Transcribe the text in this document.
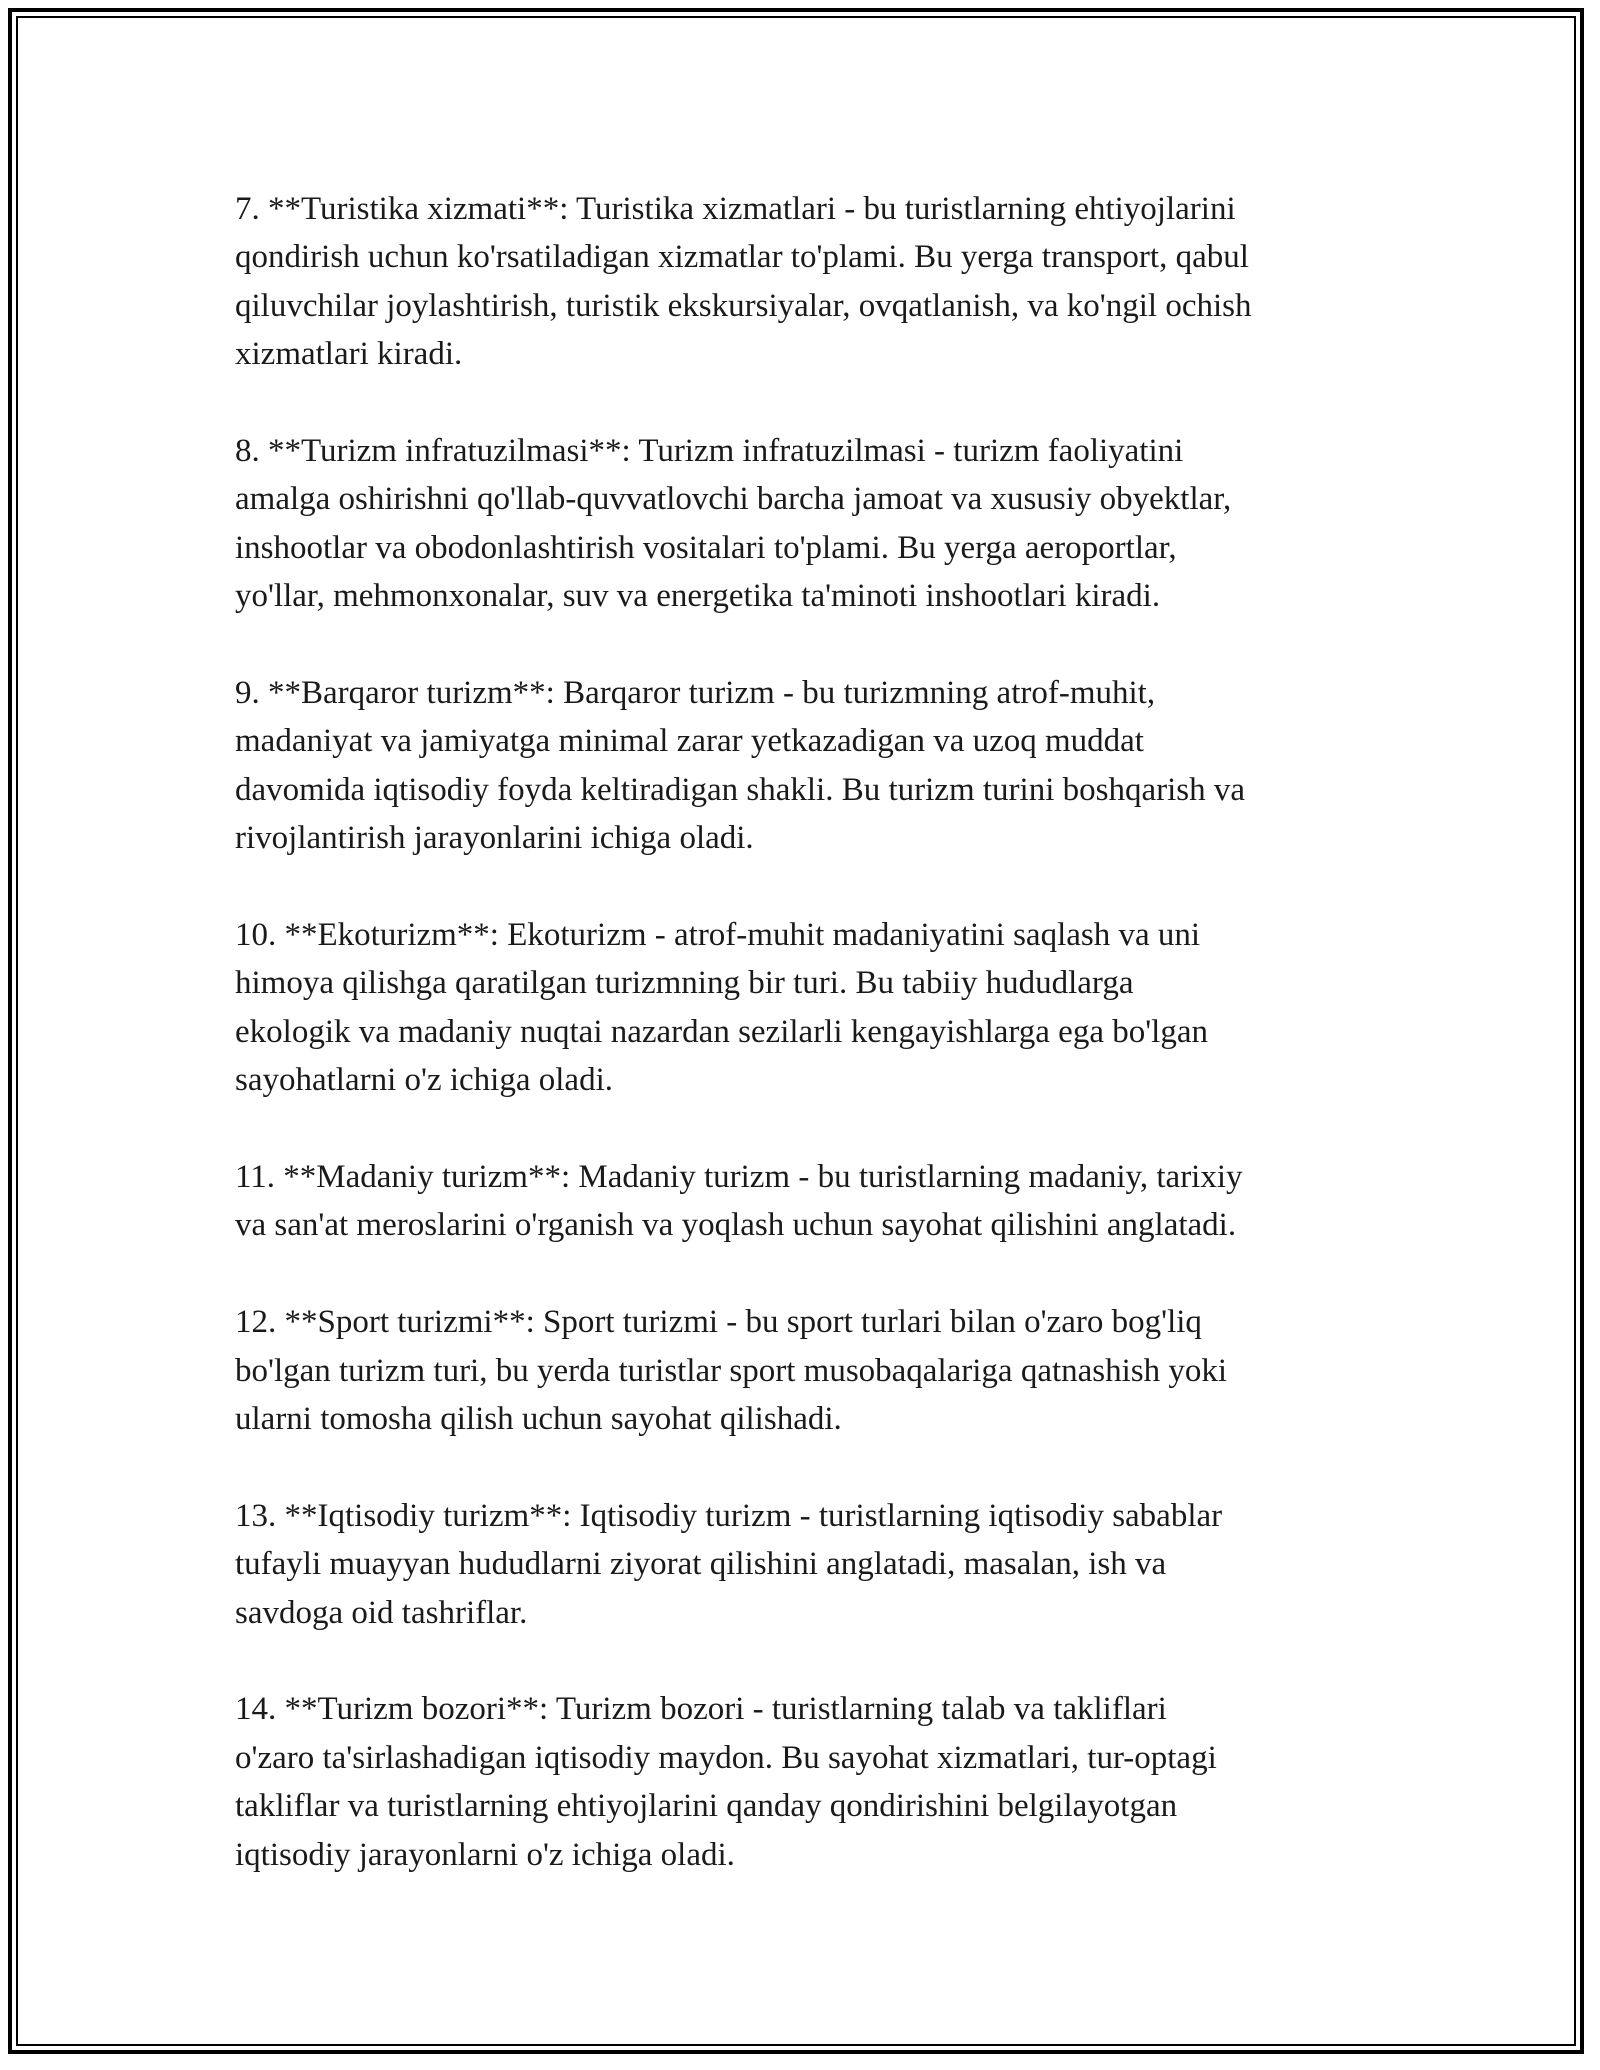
7. **Turistika xizmati**: Turistika xizmatlari - bu turistlarning ehtiyojlarini
qondirish uchun ko'rsatiladigan xizmatlar to'plami. Bu yerga transport, qabul
qiluvchilar joylashtirish, turistik ekskursiyalar, ovqatlanish, va ko'ngil ochish
xizmatlari kiradi.

8. **Turizm infratuzilmasi**: Turizm infratuzilmasi - turizm faoliyatini
amalga oshirishni qo'llab-quvvatlovchi barcha jamoat va xususiy obyektlar,
inshootlar va obodonlashtirish vositalari to'plami. Bu yerga aeroportlar,
yo'llar, mehmonxonalar, suv va energetika ta'minoti inshootlari kiradi.

9. **Barqaror turizm**: Barqaror turizm - bu turizmning atrof-muhit,
madaniyat va jamiyatga minimal zarar yetkazadigan va uzoq muddat
davomida iqtisodiy foyda keltiradigan shakli. Bu turizm turini boshqarish va
rivojlantirish jarayonlarini ichiga oladi.

10. **Ekoturizm**: Ekoturizm - atrof-muhit madaniyatini saqlash va uni
himoya qilishga qaratilgan turizmning bir turi. Bu tabiiy hududlarga
ekologik va madaniy nuqtai nazardan sezilarli kengayishlarga ega bo'lgan
sayohatlarni o'z ichiga oladi.

11. **Madaniy turizm**: Madaniy turizm - bu turistlarning madaniy, tarixiy
va san'at meroslarini o'rganish va yoqlash uchun sayohat qilishini anglatadi.

12. **Sport turizmi**: Sport turizmi - bu sport turlari bilan o'zaro bog'liq
bo'lgan turizm turi, bu yerda turistlar sport musobaqalariga qatnashish yoki
ularni tomosha qilish uchun sayohat qilishadi.

13. **Iqtisodiy turizm**: Iqtisodiy turizm - turistlarning iqtisodiy sabablar
tufayli muayyan hududlarni ziyorat qilishini anglatadi, masalan, ish va
savdoga oid tashriflar.

14. **Turizm bozori**: Turizm bozori - turistlarning talab va takliflari
o'zaro ta'sirlashadigan iqtisodiy maydon. Bu sayohat xizmatlari, tur-optagi
takliflar va turistlarning ehtiyojlarini qanday qondirishini belgilayotgan
iqtisodiy jarayonlarni o'z ichiga oladi.
